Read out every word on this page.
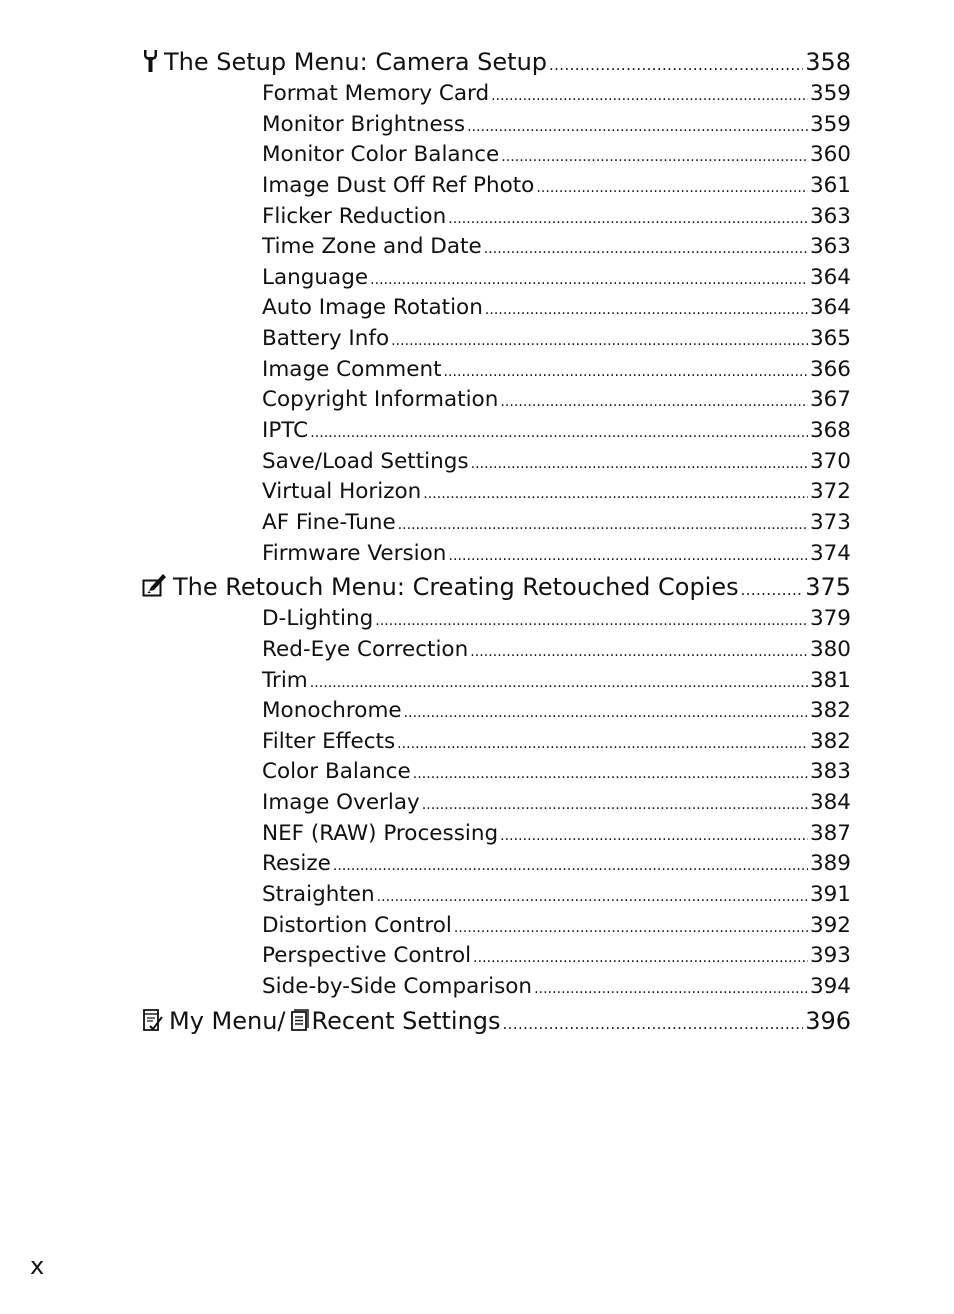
The Setup Menu: Camera Setup . . .	358
Format Memory Card . . .	359
Monitor Brightness . . .	359
Monitor Color Balance . . .	360
Image Dust Off Ref Photo . . .	361
Flicker Reduction . . .	363
Time Zone and Date . . .	363
Language . . .	364
Auto Image Rotation . . .	364
Battery Info . . .	365
Image Comment . . .	366
Copyright Information . . .	367
IPTC . . .	368
Save/Load Settings . . .	370
Virtual Horizon . . .	372
AF Fine-Tune . . .	373
Firmware Version . . .	374
The Retouch Menu: Creating Retouched Copies . . .	375
D-Lighting . . .	379
Red-Eye Correction . . .	380
Trim . . .	381
Monochrome . . .	382
Filter Effects . . .	382
Color Balance . . .	383
Image Overlay . . .	384
NEF (RAW) Processing . . .	387
Resize . . .	389
Straighten . . .	391
Distortion Control . . .	392
Perspective Control . . .	393
Side-by-Side Comparison . . .	394
My Menu/ Recent Settings . . .	396
x
